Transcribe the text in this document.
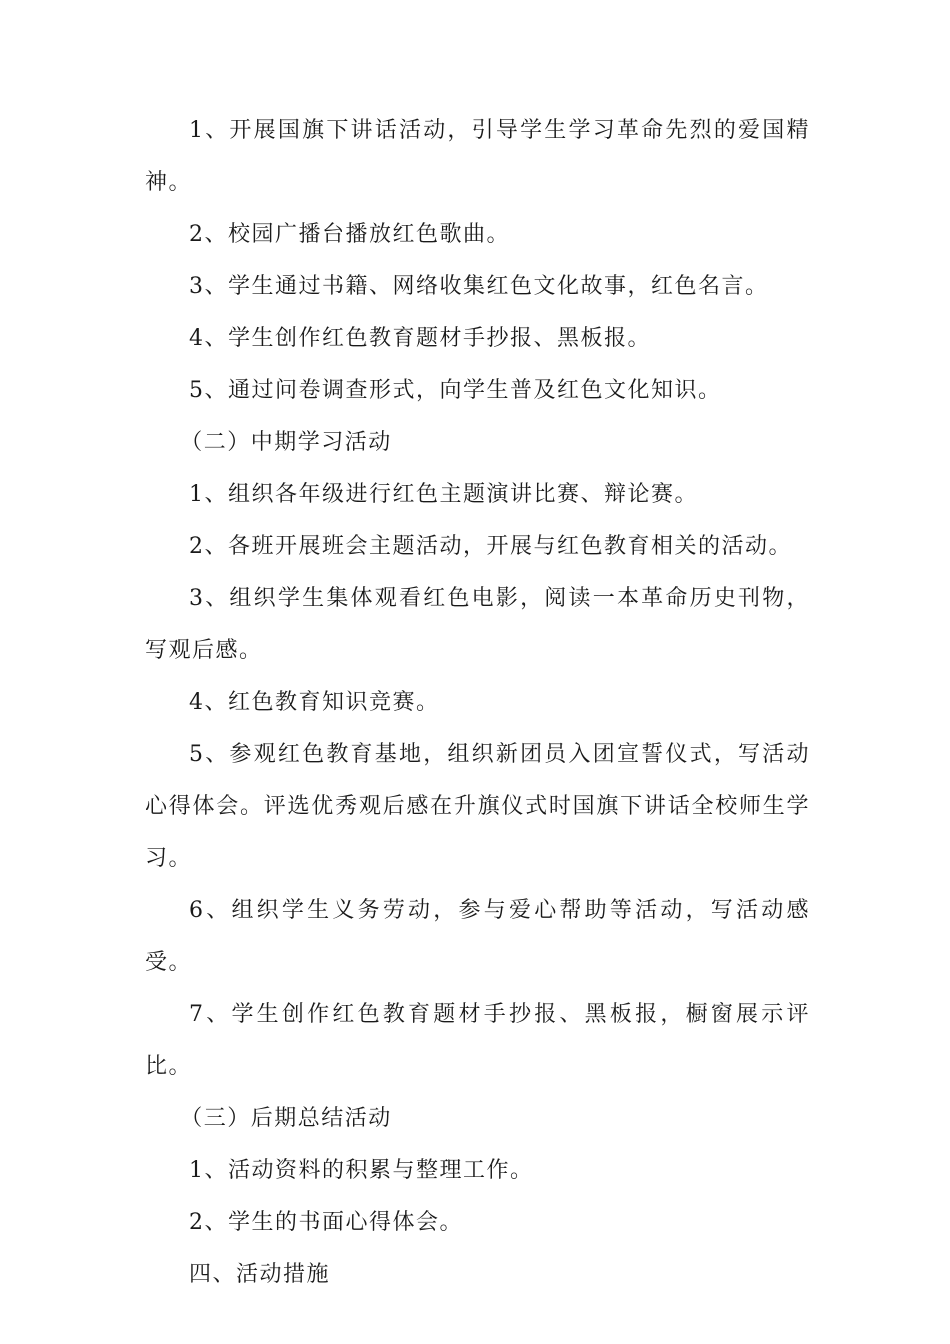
1、开展国旗下讲话活动，引导学生学习革命先烈的爱国精神。

2、校园广播台播放红色歌曲。

3、学生通过书籍、网络收集红色文化故事，红色名言。

4、学生创作红色教育题材手抄报、黑板报。

5、通过问卷调查形式，向学生普及红色文化知识。

（二）中期学习活动

1、组织各年级进行红色主题演讲比赛、辩论赛。

2、各班开展班会主题活动，开展与红色教育相关的活动。

3、组织学生集体观看红色电影，阅读一本革命历史刊物，写观后感。

4、红色教育知识竞赛。

5、参观红色教育基地，组织新团员入团宣誓仪式，写活动心得体会。评选优秀观后感在升旗仪式时国旗下讲话全校师生学习。

6、组织学生义务劳动，参与爱心帮助等活动，写活动感受。

7、学生创作红色教育题材手抄报、黑板报，橱窗展示评比。

（三）后期总结活动

1、活动资料的积累与整理工作。

2、学生的书面心得体会。

四、活动措施
